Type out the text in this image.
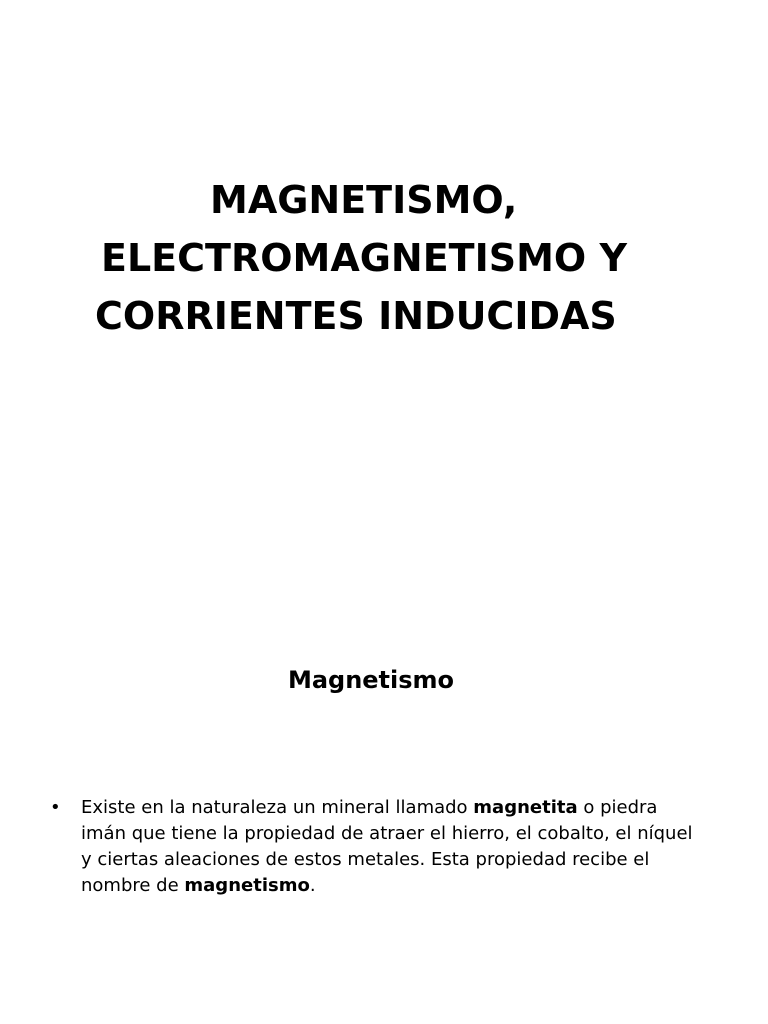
MAGNETISMO,
ELECTROMAGNETISMO Y
CORRIENTES INDUCIDAS
Magnetismo
• Existe en la naturaleza un mineral llamado magnetita o piedra imán que tiene la propiedad de atraer el hierro, el cobalto, el níquel y ciertas aleaciones de estos metales. Esta propiedad recibe el nombre de magnetismo.
